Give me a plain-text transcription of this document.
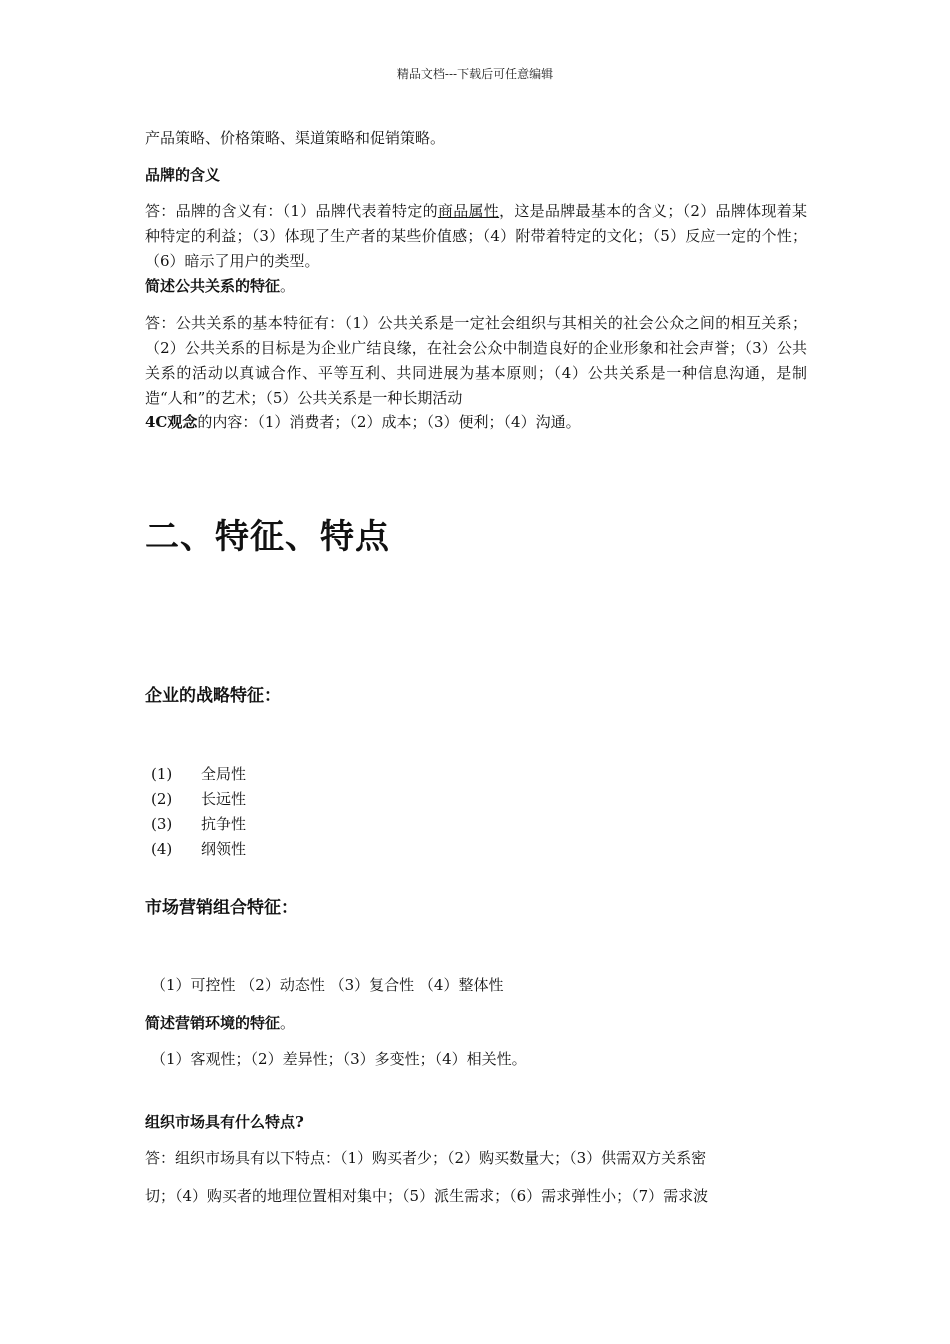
精品文档---下载后可任意编辑
产品策略、价格策略、渠道策略和促销策略。
品牌的含义
答：品牌的含义有：（1）品牌代表着特定的商品属性，这是品牌最基本的含义；（2）品牌体现着某种特定的利益；（3）体现了生产者的某些价值感；（4）附带着特定的文化；（5）反应一定的个性；（6）暗示了用户的类型。
简述公共关系的特征。
答：公共关系的基本特征有：（1）公共关系是一定社会组织与其相关的社会公众之间的相互关系；（2）公共关系的目标是为企业广结良缘，在社会公众中制造良好的企业形象和社会声誉；（3）公共关系的活动以真诚合作、平等互利、共同进展为基本原则；（4）公共关系是一种信息沟通，是制造“人和”的艺术；（5）公共关系是一种长期活动
4C观念的内容：（1）消费者；（2）成本；（3）便利；（4）沟通。
二、特征、特点
企业的战略特征：
(1) 全局性
(2) 长远性
(3) 抗争性
(4) 纲领性
市场营销组合特征：
（1）可控性 （2）动态性 （3）复合性 （4）整体性
简述营销环境的特征。
（1）客观性；（2）差异性；（3）多变性；（4）相关性。
组织市场具有什么特点?
答：组织市场具有以下特点：（1）购买者少；（2）购买数量大；（3）供需双方关系密
切；（4）购买者的地理位置相对集中；（5）派生需求；（6）需求弹性小；（7）需求波
